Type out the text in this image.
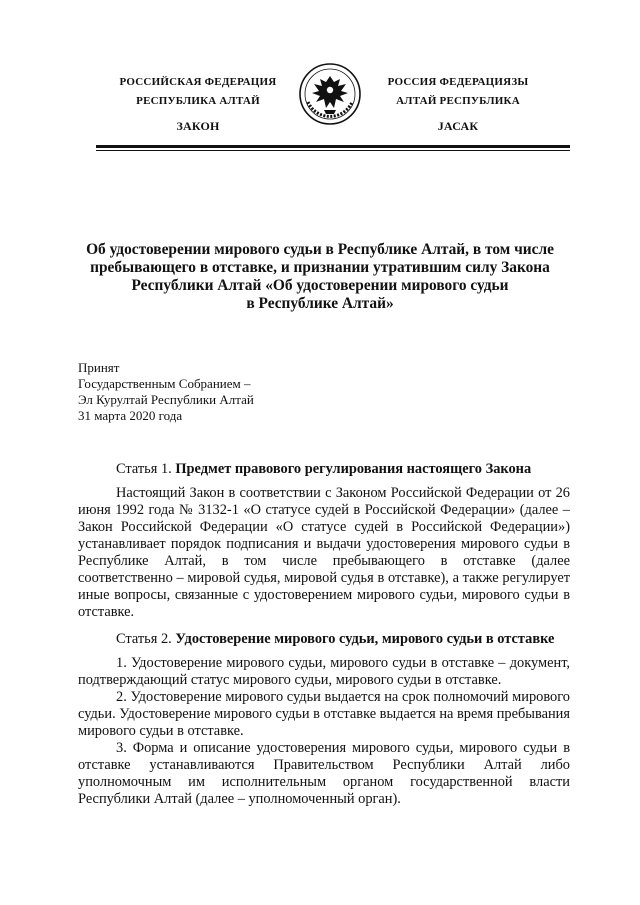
РОССИЙСКАЯ ФЕДЕРАЦИЯ
РЕСПУБЛИКА АЛТАЙ
ЗАКОН
РОССИЯ ФЕДЕРАЦИЯЗЫ
АЛТАЙ РЕСПУБЛИКА
JАСАК
Об удостоверении мирового судьи в Республике Алтай, в том числе
пребывающего в отставке, и признании утратившим силу Закона
Республики Алтай «Об удостоверении мирового судьи
в Республике Алтай»
Принят
Государственным Собранием –
Эл Курултай Республики Алтай
31 марта 2020 года
Статья 1. Предмет правового регулирования настоящего Закона
Настоящий Закон в соответствии с Законом Российской Федерации от 26 июня 1992 года № 3132-1 «О статусе судей в Российской Федерации» (далее – Закон Российской Федерации «О статусе судей в Российской Федерации») устанавливает порядок подписания и выдачи удостоверения мирового судьи в Республике Алтай, в том числе пребывающего в отставке (далее соответственно – мировой судья, мировой судья в отставке), а также регулирует иные вопросы, связанные с удостоверением мирового судьи, мирового судьи в отставке.
Статья 2. Удостоверение мирового судьи, мирового судьи в отставке
1. Удостоверение мирового судьи, мирового судьи в отставке – документ, подтверждающий статус мирового судьи, мирового судьи в отставке.
2. Удостоверение мирового судьи выдается на срок полномочий мирового судьи. Удостоверение мирового судьи в отставке выдается на время пребывания мирового судьи в отставке.
3. Форма и описание удостоверения мирового судьи, мирового судьи в отставке устанавливаются Правительством Республики Алтай либо уполномочным им исполнительным органом государственной власти Республики Алтай (далее – уполномоченный орган).
